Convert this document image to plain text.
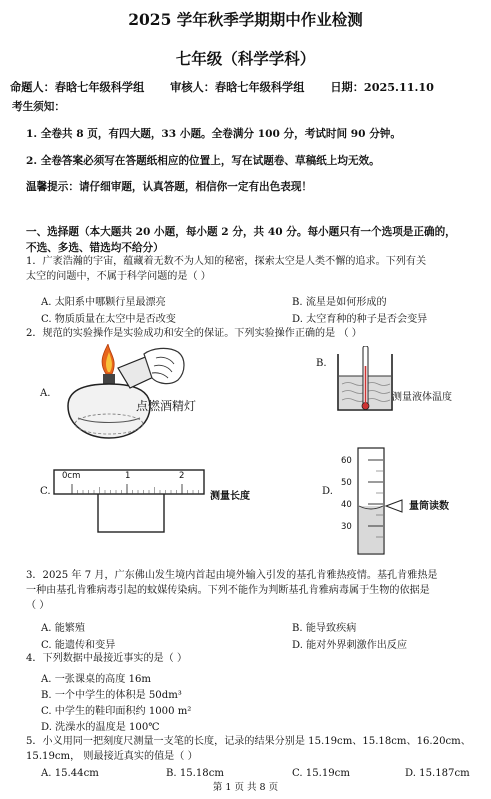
2025 学年秋季学期期中作业检测
七年级（科学学科）
命题人：春晗七年级科学组 审核人：春晗七年级科学组 日期：2025.11.10
考生须知：
1. 全卷共 8 页，有四大题，33 小题。全卷满分 100 分，考试时间 90 分钟。
2. 全卷答案必须写在答题纸相应的位置上，写在试题卷、草稿纸上均无效。
温馨提示：请仔细审题，认真答题，相信你一定有出色表现！
一、选择题（本大题共 20 小题，每小题 2 分，共 40 分。每小题只有一个选项是正确的，
不选、多选、错选均不给分）
1．广袤浩瀚的宇宙，蕴藏着无数不为人知的秘密，探索太空是人类不懈的追求。下列有关
太空的问题中，不属于科学问题的是（ ）
A. 太阳系中哪颗行星最漂亮	B. 流星是如何形成的
C. 物质质量在太空中是否改变	D. 太空育种的种子是否会变异
2．规范的实验操作是实验成功和安全的保证。下列实验操作正确的是 （ ）
A.
点燃酒精灯
B.
测量液体温度
C.
0cm	1	2
测量长度	D.
60
50
40
30
量筒读数
3．2025 年 7 月，广东佛山发生境内首起由境外输入引发的基孔肯雅热疫情。基孔肯雅热是
一种由基孔肯雅病毒引起的蚊媒传染病。下列不能作为判断基孔肯雅病毒属于生物的依据是
（ ）
A. 能繁殖	B. 能导致疾病
C. 能遗传和变异	D. 能对外界刺激作出反应
4．下列数据中最接近事实的是（ ）
A. 一张课桌的高度 16m
B. 一个中学生的体积是 50dm³
C. 中学生的鞋印面积约 1000 m²
D. 洗澡水的温度是 100℃
5．小义用同一把刻度尺测量一支笔的长度，记录的结果分别是 15.19cm、15.18cm、16.20cm、
15.19cm， 则最接近真实的值是（ ）
A. 15.44cm	B. 15.18cm	C. 15.19cm	D. 15.187cm
第 1 页 共 8 页
